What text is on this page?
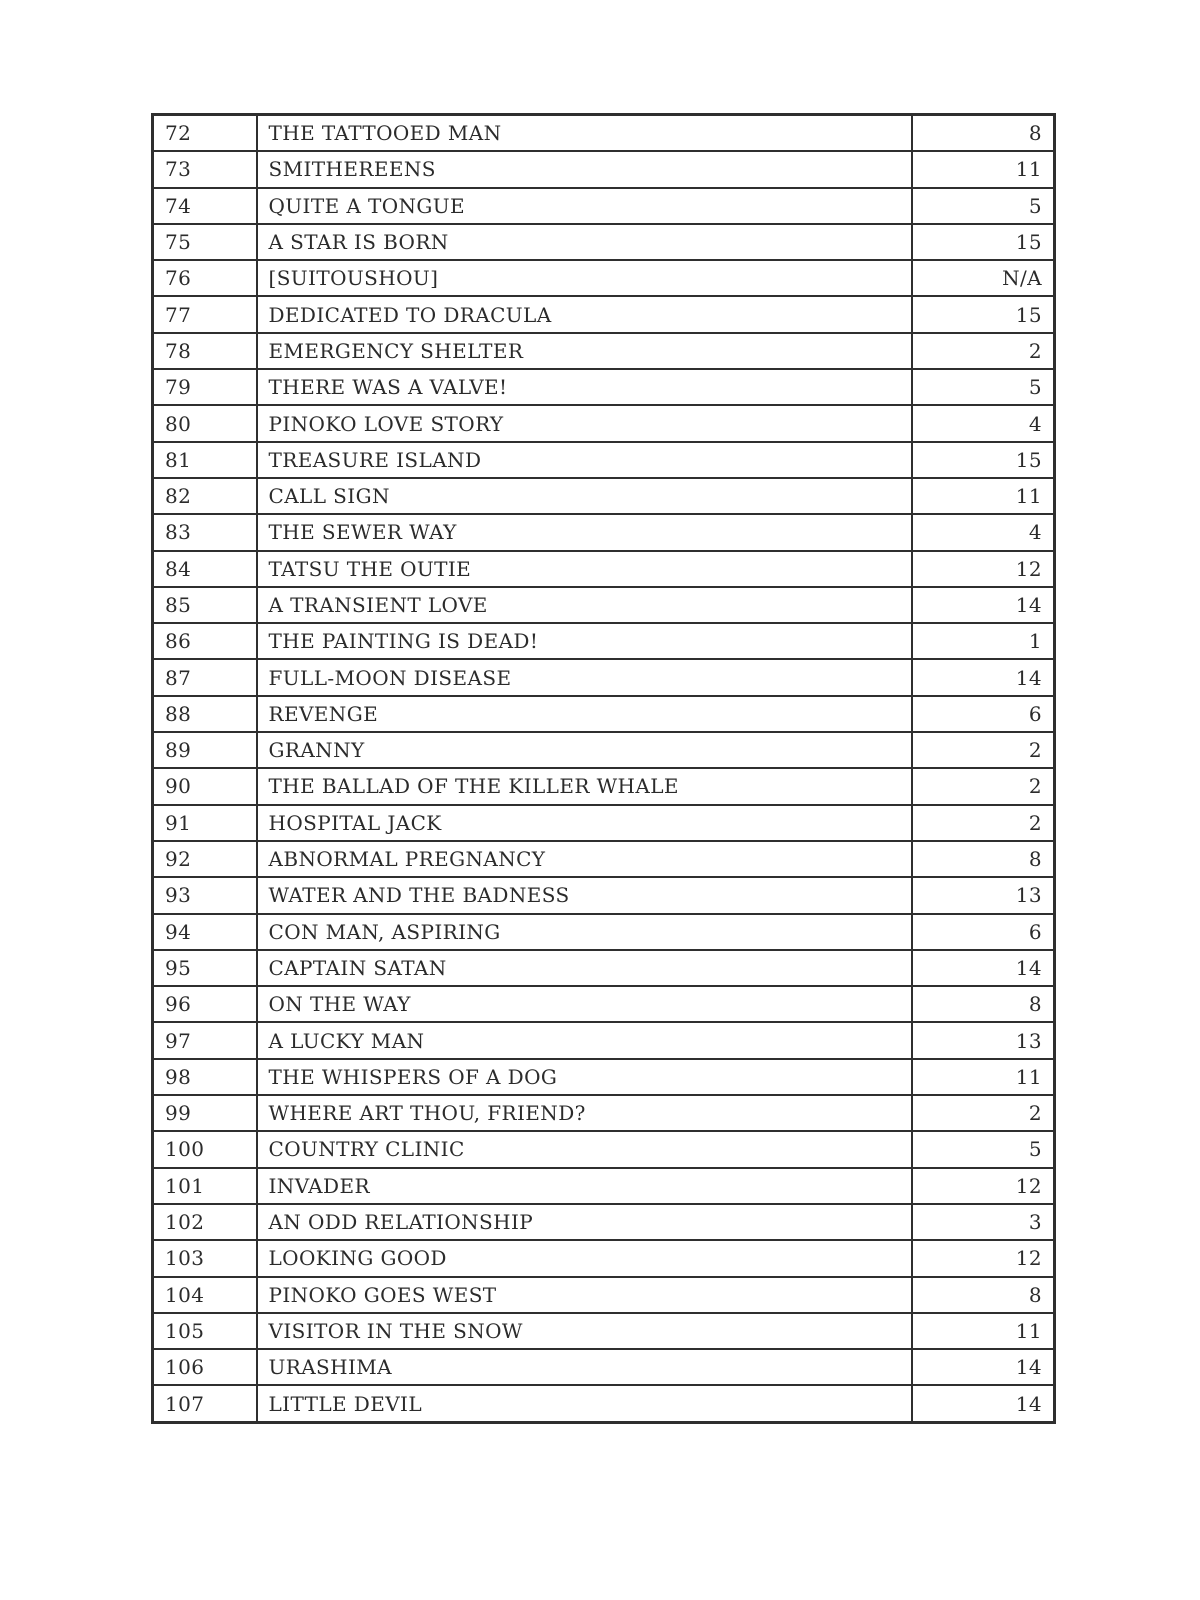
72	THE TATTOOED MAN	8
73	SMITHEREENS	11
74	QUITE A TONGUE	5
75	A STAR IS BORN	15
76	[SUITOUSHOU]	N/A
77	DEDICATED TO DRACULA	15
78	EMERGENCY SHELTER	2
79	THERE WAS A VALVE!	5
80	PINOKO LOVE STORY	4
81	TREASURE ISLAND	15
82	CALL SIGN	11
83	THE SEWER WAY	4
84	TATSU THE OUTIE	12
85	A TRANSIENT LOVE	14
86	THE PAINTING IS DEAD!	1
87	FULL-MOON DISEASE	14
88	REVENGE	6
89	GRANNY	2
90	THE BALLAD OF THE KILLER WHALE	2
91	HOSPITAL JACK	2
92	ABNORMAL PREGNANCY	8
93	WATER AND THE BADNESS	13
94	CON MAN, ASPIRING	6
95	CAPTAIN SATAN	14
96	ON THE WAY	8
97	A LUCKY MAN	13
98	THE WHISPERS OF A DOG	11
99	WHERE ART THOU, FRIEND?	2
100	COUNTRY CLINIC	5
101	INVADER	12
102	AN ODD RELATIONSHIP	3
103	LOOKING GOOD	12
104	PINOKO GOES WEST	8
105	VISITOR IN THE SNOW	11
106	URASHIMA	14
107	LITTLE DEVIL	14
